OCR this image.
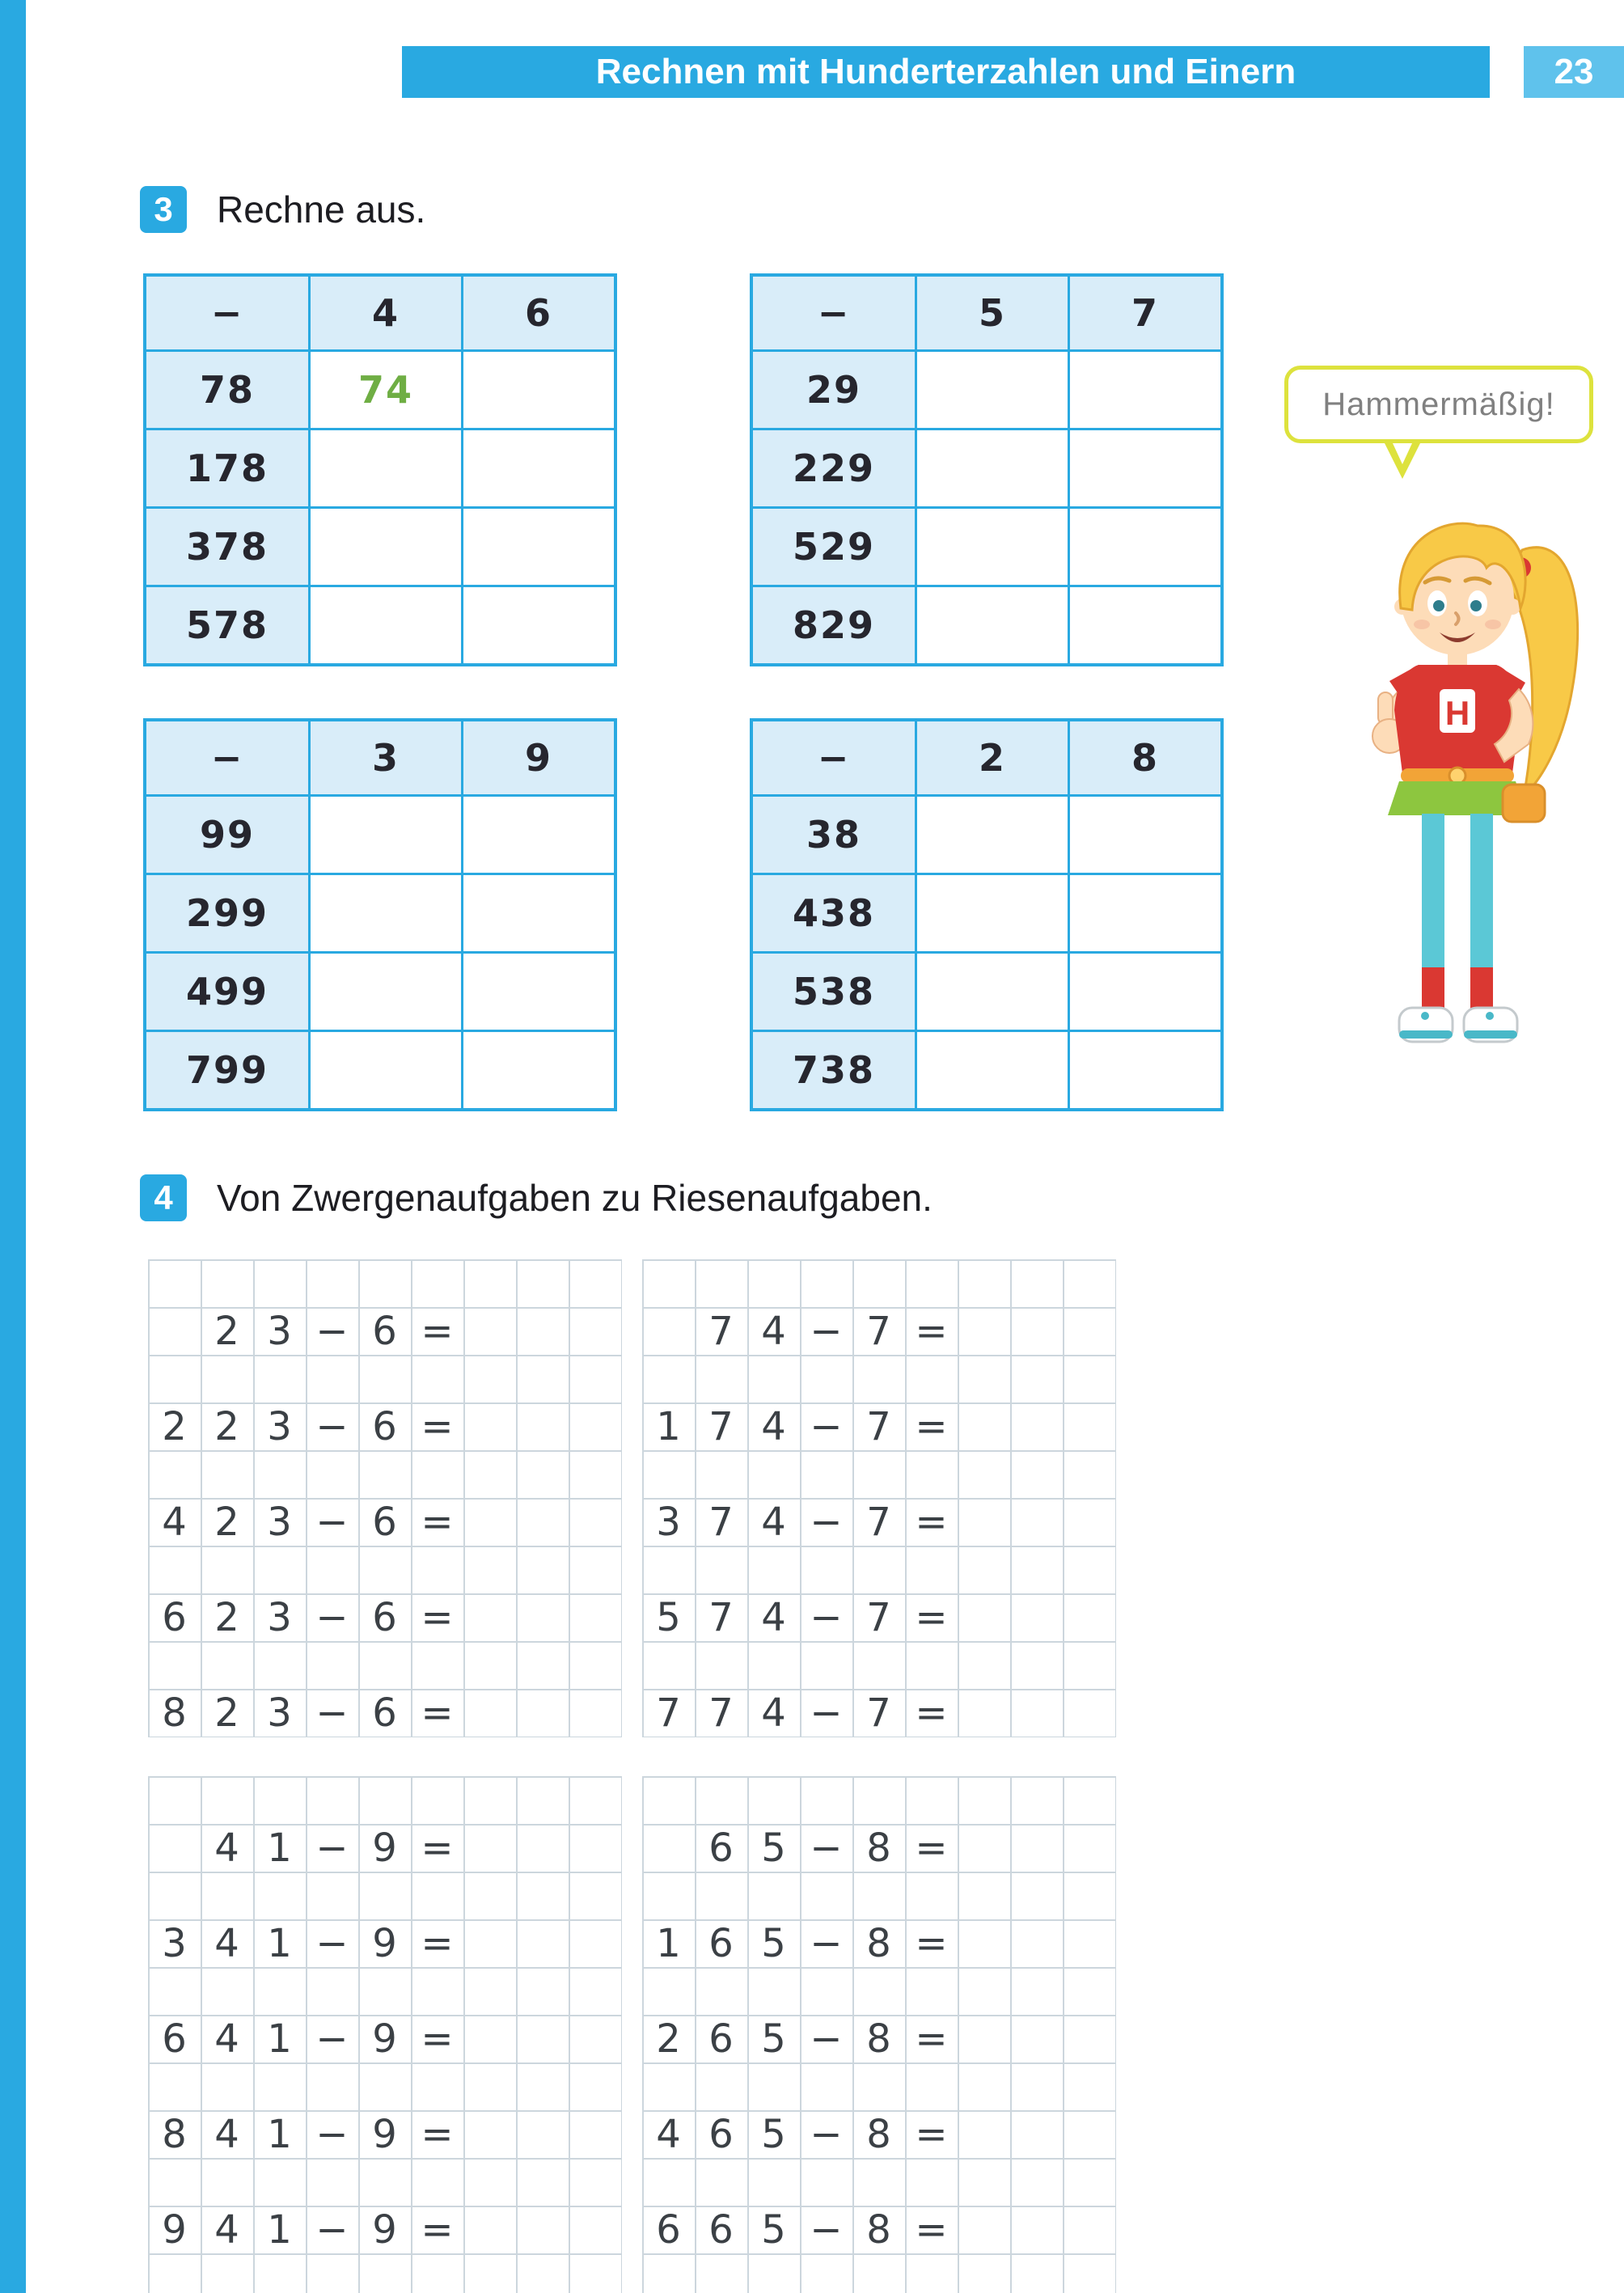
Rechnen mit Hunderterzahlen und Einern	23
3	Rechne aus.
−	4	6
78	74
178
378
578
−	5	7
29
229
529
829
−	3	9
99
299
499
799
−	2	8
38
438
538
738
Hammermäßig!
H
4	Von Zwergenaufgaben zu Riesenaufgaben.
2 3 − 6 =
2 2 3 − 6 =
4 2 3 − 6 =
6 2 3 − 6 =
8 2 3 − 6 =
7 4 − 7 =
1 7 4 − 7 =
3 7 4 − 7 =
5 7 4 − 7 =
7 7 4 − 7 =
4 1 − 9 =
3 4 1 − 9 =
6 4 1 − 9 =
8 4 1 − 9 =
9 4 1 − 9 =
6 5 − 8 =
1 6 5 − 8 =
2 6 5 − 8 =
4 6 5 − 8 =
6 6 5 − 8 =
